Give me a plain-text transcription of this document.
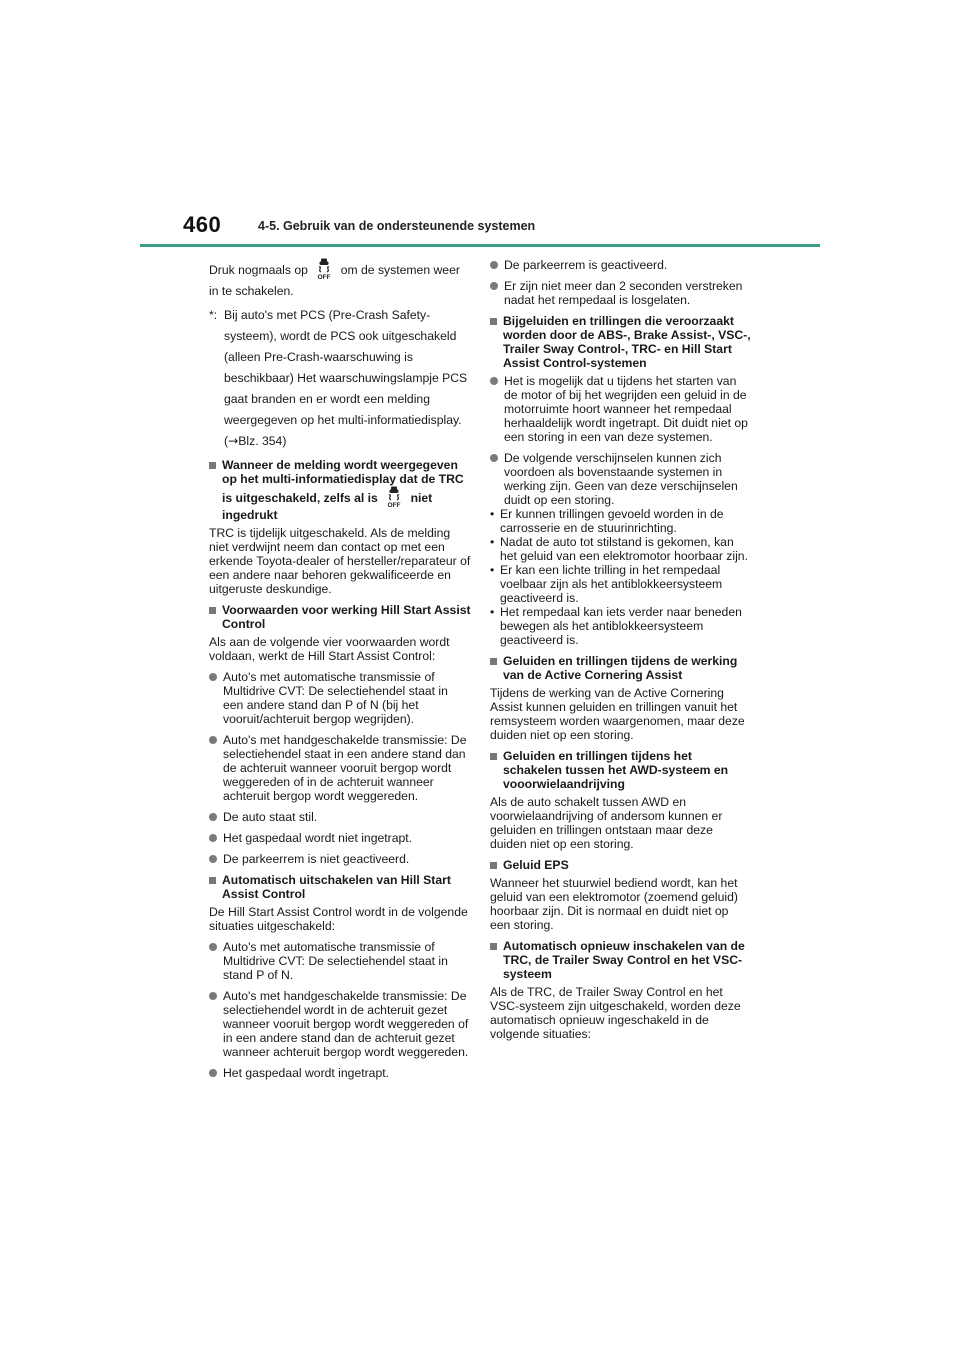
460	4-5. Gebruik van de ondersteunende systemen

Druk nogmaals op
OFF
om de systemen weer in te schakelen.

*: Bij auto's met PCS (Pre-Crash Safety-systeem), wordt de PCS ook uitgeschakeld (alleen Pre-Crash-waarschuwing is beschikbaar) Het waarschuwingslampje PCS gaat branden en er wordt een melding weergegeven op het multi-informatiedisplay. (→Blz. 354)
Wanneer de melding wordt weergegeven op het multi-informatiedisplay dat de TRC is uitgeschakeld, zelfs al is
OFF
niet ingedrukt

TRC is tijdelijk uitgeschakeld. Als de melding niet verdwijnt neem dan contact op met een erkende Toyota-dealer of hersteller/reparateur of een andere naar behoren gekwalificeerde en uitgeruste deskundige.

Voorwaarden voor werking Hill Start Assist Control

Als aan de volgende vier voorwaarden wordt voldaan, werkt de Hill Start Assist Control:

Auto's met automatische transmissie of Multidrive CVT: De selectiehendel staat in een andere stand dan P of N (bij het vooruit/achteruit bergop wegrijden).
Auto's met handgeschakelde transmissie: De selectiehendel staat in een andere stand dan de achteruit wanneer vooruit bergop wordt weggereden of in de achteruit wanneer achteruit bergop wordt weggereden.
De auto staat stil.
Het gaspedaal wordt niet ingetrapt.
De parkeerrem is niet geactiveerd.
Automatisch uitschakelen van Hill Start Assist Control

De Hill Start Assist Control wordt in de volgende situaties uitgeschakeld:

Auto's met automatische transmissie of Multidrive CVT: De selectiehendel staat in stand P of N.
Auto's met handgeschakelde transmissie: De selectiehendel wordt in de achteruit gezet wanneer vooruit bergop wordt weggereden of in een andere stand dan de achteruit gezet wanneer achteruit bergop wordt weggereden.
Het gaspedaal wordt ingetrapt.
De parkeerrem is geactiveerd.
Er zijn niet meer dan 2 seconden verstreken nadat het rempedaal is losgelaten.
Bijgeluiden en trillingen die veroorzaakt worden door de ABS-, Brake Assist-, VSC-, Trailer Sway Control-, TRC- en Hill Start Assist Control-systemen
Het is mogelijk dat u tijdens het starten van de motor of bij het wegrijden een geluid in de motorruimte hoort wanneer het rempedaal herhaaldelijk wordt ingetrapt. Dit duidt niet op een storing in een van deze systemen.
De volgende verschijnselen kunnen zich voordoen als bovenstaande systemen in werking zijn. Geen van deze verschijnselen duidt op een storing.
• Er kunnen trillingen gevoeld worden in de carrosserie en de stuurinrichting.
• Nadat de auto tot stilstand is gekomen, kan het geluid van een elektromotor hoorbaar zijn.
• Er kan een lichte trilling in het rempedaal voelbaar zijn als het antiblokkeersysteem geactiveerd is.
• Het rempedaal kan iets verder naar beneden bewegen als het antiblokkeersysteem geactiveerd is.
Geluiden en trillingen tijdens de werking van de Active Cornering Assist

Tijdens de werking van de Active Cornering Assist kunnen geluiden en trillingen vanuit het remsysteem worden waargenomen, maar deze duiden niet op een storing.

Geluiden en trillingen tijdens het schakelen tussen het AWD-systeem en vooorwielaandrijving

Als de auto schakelt tussen AWD en voorwielaandrijving of andersom kunnen er geluiden en trillingen ontstaan maar deze duiden niet op een storing.

Geluid EPS

Wanneer het stuurwiel bediend wordt, kan het geluid van een elektromotor (zoemend geluid) hoorbaar zijn. Dit is normaal en duidt niet op een storing.

Automatisch opnieuw inschakelen van de TRC, de Trailer Sway Control en het VSC-systeem

Als de TRC, de Trailer Sway Control en het VSC-systeem zijn uitgeschakeld, worden deze automatisch opnieuw ingeschakeld in de volgende situaties:
